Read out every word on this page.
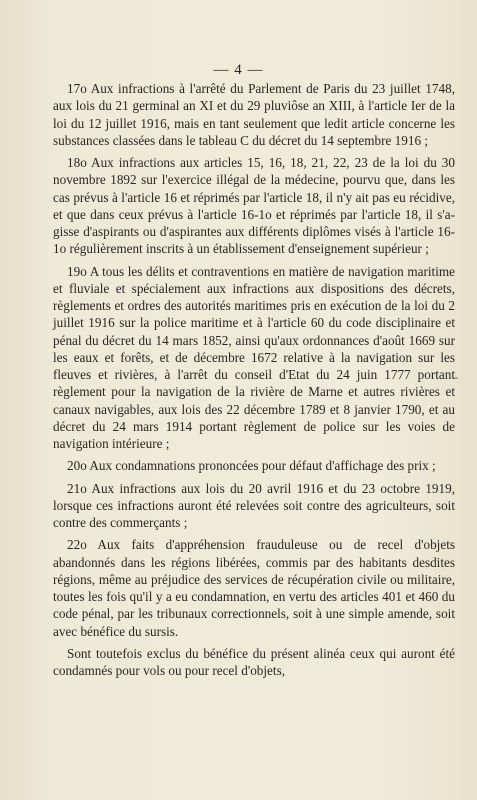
— 4 —

17o Aux infractions à l'arrêté du Parlement de Paris du 23 juillet 1748, aux lois du 21 germinal an XI et du 29 pluviôse an XIII, à l'article Ier de la loi du 12 juillet 1916, mais en tant seulement que ledit article concerne les substances classées dans le tableau C du décret du 14 septembre 1916 ;

18o Aux infractions aux articles 15, 16, 18, 21, 22, 23 de la loi du 30 novembre 1892 sur l'exercice illégal de la médecine, pourvu que, dans les cas prévus à l'article 16 et réprimés par l'article 18, il n'y ait pas eu récidive, et que dans ceux prévus à l'article 16-1o et réprimés par l'article 18, il s'agisse d'aspirants ou d'aspirantes aux différents diplômes visés à l'article 16-1o régulièrement inscrits à un établissement d'enseignement supérieur ;

19o A tous les délits et contraventions en matière de navigation maritime et fluviale et spécialement aux infractions aux dispositions des décrets, règlements et ordres des autorités maritimes pris en exécution de la loi du 2 juillet 1916 sur la police maritime et à l'article 60 du code disciplinaire et pénal du décret du 14 mars 1852, ainsi qu'aux ordonnances d'août 1669 sur les eaux et forêts, et de décembre 1672 relative à la navigation sur les fleuves et rivières, à l'arrêt du conseil d'Etat du 24 juin 1777 portant règlement pour la navigation de la rivière de Marne et autres rivières et canaux navigables, aux lois des 22 décembre 1789 et 8 janvier 1790, et au décret du 24 mars 1914 portant règlement de police sur les voies de navigation intérieure ;

20o Aux condamnations prononcées pour défaut d'affichage des prix ;

21o Aux infractions aux lois du 20 avril 1916 et du 23 octobre 1919, lorsque ces infractions auront été relevées soit contre des agriculteurs, soit contre des commerçants ;

22o Aux faits d'appréhension frauduleuse ou de recel d'objets abandonnés dans les régions libérées, commis par des habitants desdites régions, même au préjudice des services de récupération civile ou militaire, toutes les fois qu'il y a eu condamnation, en vertu des articles 401 et 460 du code pénal, par les tribunaux correctionnels, soit à une simple amende, soit avec bénéfice du sursis.

Sont toutefois exclus du bénéfice du présent alinéa ceux qui auront été condamnés pour vols ou pour recel d'objets,

-
